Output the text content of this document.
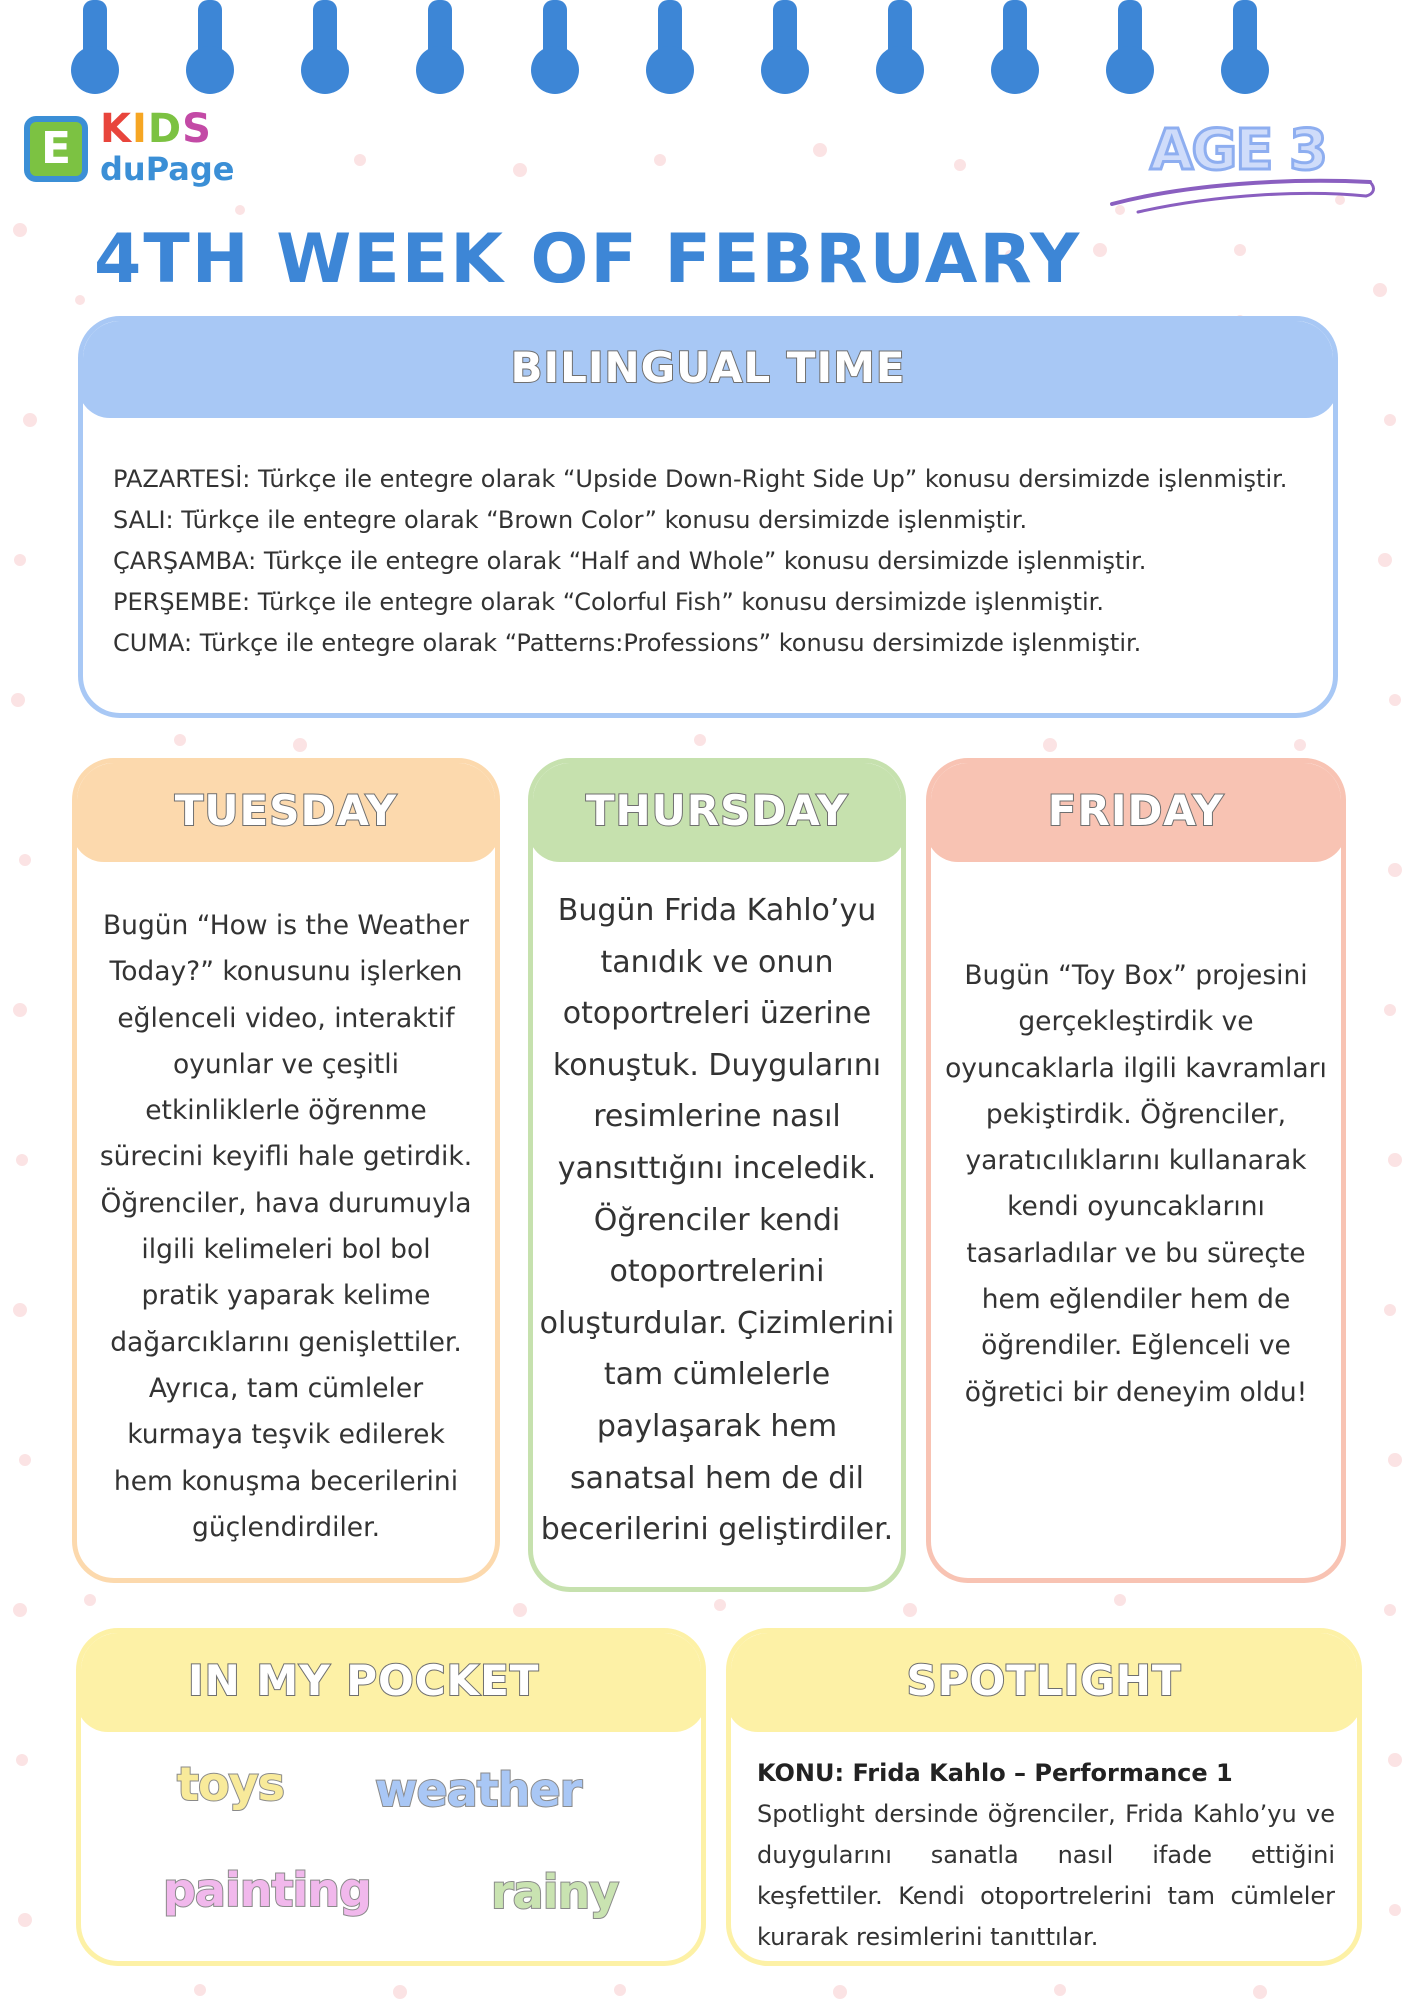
E KIDS
duPage	AGE 3
4TH WEEK OF FEBRUARY
BILINGUAL TIME

PAZARTESİ: Türkçe ile entegre olarak “Upside Down-Right Side Up” konusu dersimizde işlenmiştir.

SALI: Türkçe ile entegre olarak “Brown Color” konusu dersimizde işlenmiştir.

ÇARŞAMBA: Türkçe ile entegre olarak “Half and Whole” konusu dersimizde işlenmiştir.

PERŞEMBE: Türkçe ile entegre olarak “Colorful Fish” konusu dersimizde işlenmiştir.

CUMA: Türkçe ile entegre olarak “Patterns:Professions” konusu dersimizde işlenmiştir.

TUESDAY
Bugün “How is the Weather
Today?” konusunu işlerken
eğlenceli video, interaktif
oyunlar ve çeşitli
etkinliklerle öğrenme
sürecini keyifli hale getirdik.
Öğrenciler, hava durumuyla
ilgili kelimeleri bol bol
pratik yaparak kelime
dağarcıklarını genişlettiler.
Ayrıca, tam cümleler
kurmaya teşvik edilerek
hem konuşma becerilerini
güçlendirdiler.
THURSDAY
Bugün Frida Kahlo’yu
tanıdık ve onun
otoportreleri üzerine
konuştuk. Duygularını
resimlerine nasıl
yansıttığını inceledik.
Öğrenciler kendi
otoportrelerini
oluşturdular. Çizimlerini
tam cümlelerle
paylaşarak hem
sanatsal hem de dil
becerilerini geliştirdiler.
FRIDAY
Bugün “Toy Box” projesini
gerçekleştirdik ve
oyuncaklarla ilgili kavramları
pekiştirdik. Öğrenciler,
yaratıcılıklarını kullanarak
kendi oyuncaklarını
tasarladılar ve bu süreçte
hem eğlendiler hem de
öğrendiler. Eğlenceli ve
öğretici bir deneyim oldu!
IN MY POCKET
toys weather
painting	rainy
SPOTLIGHT

KONU: Frida Kahlo – Performance 1

Spotlight dersinde öğrenciler, Frida Kahlo’yu ve duygularını sanatla nasıl ifade ettiğini keşfettiler. Kendi otoportrelerini tam cümleler kurarak resimlerini tanıttılar.
